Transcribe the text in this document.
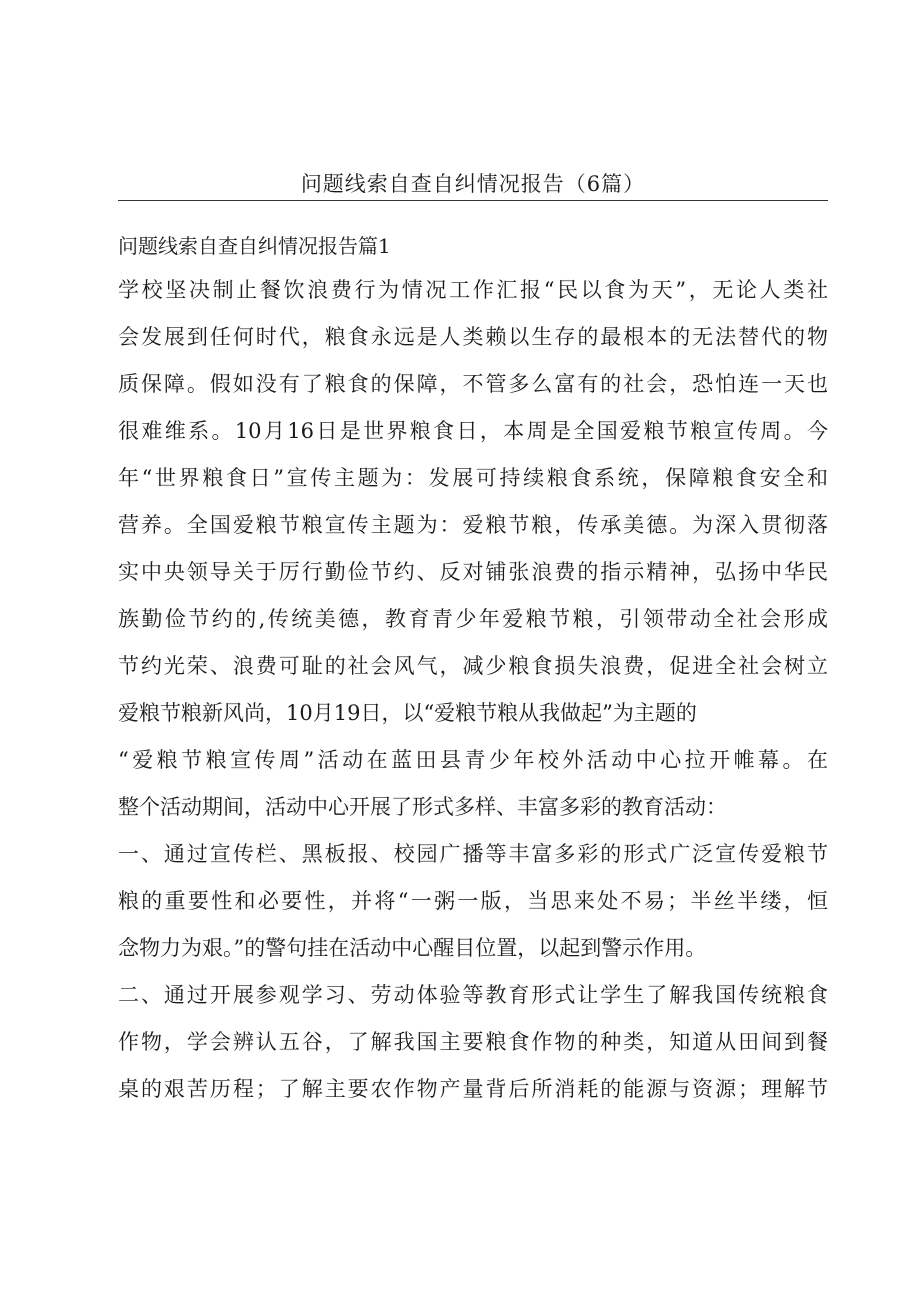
问题线索自查自纠情况报告（6篇）
问题线索自查自纠情况报告篇1
学校坚决制止餐饮浪费行为情况工作汇报“民以食为天”，无论人类社
会发展到任何时代，粮食永远是人类赖以生存的最根本的无法替代的物
质保障。假如没有了粮食的保障，不管多么富有的社会，恐怕连一天也
很难维系。10月16日是世界粮食日，本周是全国爱粮节粮宣传周。今
年“世界粮食日”宣传主题为：发展可持续粮食系统，保障粮食安全和
营养。全国爱粮节粮宣传主题为：爱粮节粮，传承美德。为深入贯彻落
实中央领导关于厉行勤俭节约、反对铺张浪费的指示精神，弘扬中华民
族勤俭节约的,传统美德，教育青少年爱粮节粮，引领带动全社会形成
节约光荣、浪费可耻的社会风气，减少粮食损失浪费，促进全社会树立
爱粮节粮新风尚，10月19日，以“爱粮节粮从我做起”为主题的
“爱粮节粮宣传周”活动在蓝田县青少年校外活动中心拉开帷幕。在
整个活动期间，活动中心开展了形式多样、丰富多彩的教育活动：
一、通过宣传栏、黑板报、校园广播等丰富多彩的形式广泛宣传爱粮节
粮的重要性和必要性，并将“一粥一版，当思来处不易；半丝半缕，恒
念物力为艰。”的警句挂在活动中心醒目位置，以起到警示作用。
二、通过开展参观学习、劳动体验等教育形式让学生了解我国传统粮食
作物，学会辨认五谷，了解我国主要粮食作物的种类，知道从田间到餐
桌的艰苦历程；了解主要农作物产量背后所消耗的能源与资源；理解节
